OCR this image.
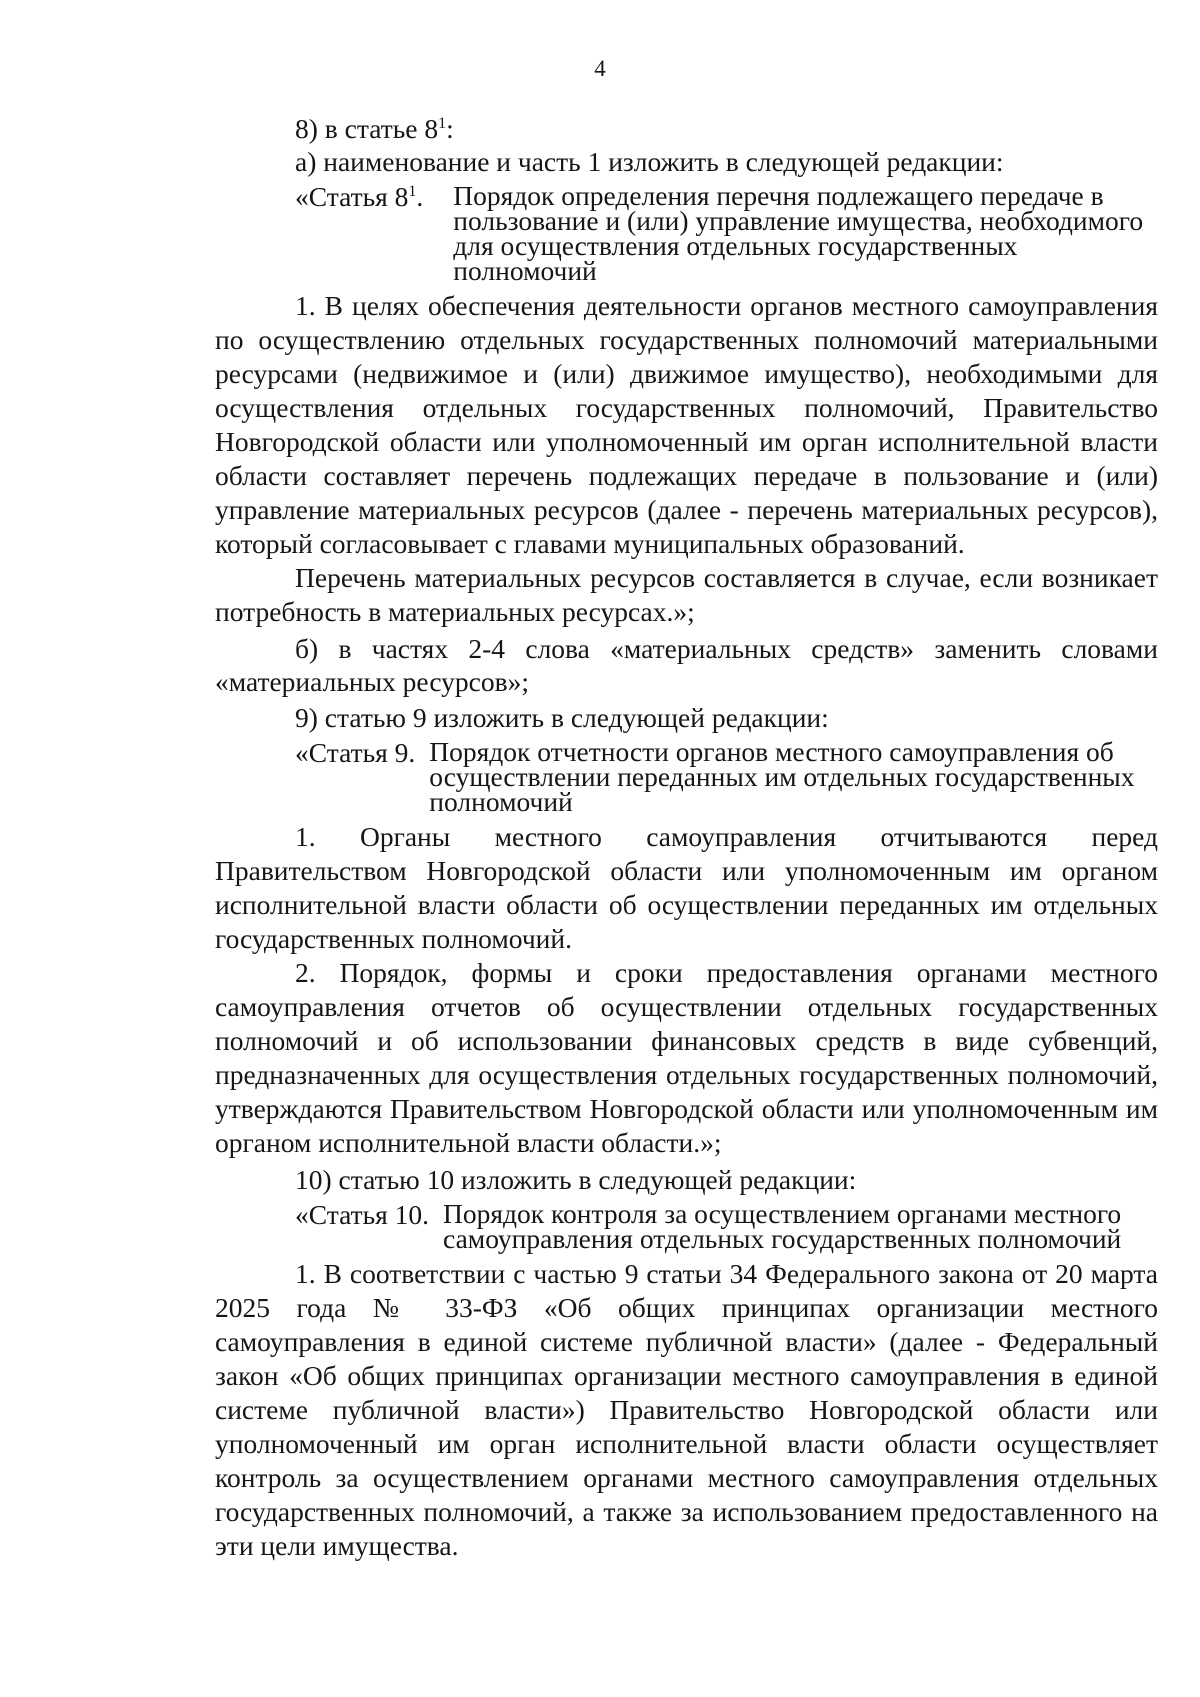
4

8) в статье $8^1$:

а) наименование и часть 1 изложить в следующей редакции:

«Статья $8^1$.	Порядок определения перечня подлежащего передаче в пользование и (или) управление имущества, необходимого для осуществления отдельных государственных полномочий

1. В целях обеспечения деятельности органов местного самоуправления по осуществлению отдельных государственных полномочий материальными ресурсами (недвижимое и (или) движимое имущество), необходимыми для осуществления отдельных государственных полномочий, Правительство Новгородской области или уполномоченный им орган исполнительной власти области составляет перечень подлежащих передаче в пользование и (или) управление материальных ресурсов (далее - перечень материальных ресурсов), который согласовывает с главами муниципальных образований.

Перечень материальных ресурсов составляется в случае, если возникает потребность в материальных ресурсах.»;

б) в частях 2-4 слова «материальных средств» заменить словами «материальных ресурсов»;

9) статью 9 изложить в следующей редакции:

«Статья 9. Порядок отчетности органов местного самоуправления об осуществлении переданных им отдельных государственных полномочий

1. Органы местного самоуправления отчитываются перед Правительством Новгородской области или уполномоченным им органом исполнительной власти области об осуществлении переданных им отдельных государственных полномочий.

2. Порядок, формы и сроки предоставления органами местного самоуправления отчетов об осуществлении отдельных государственных полномочий и об использовании финансовых средств в виде субвенций, предназначенных для осуществления отдельных государственных полномочий, утверждаются Правительством Новгородской области или уполномоченным им органом исполнительной власти области.»;

10) статью 10 изложить в следующей редакции:

«Статья 10. Порядок контроля за осуществлением органами местного самоуправления отдельных государственных полномочий

1. В соответствии с частью 9 статьи 34 Федерального закона от 20 марта 2025 года № 33-ФЗ «Об общих принципах организации местного самоуправления в единой системе публичной власти» (далее - Федеральный закон «Об общих принципах организации местного самоуправления в единой системе публичной власти») Правительство Новгородской области или уполномоченный им орган исполнительной власти области осуществляет контроль за осуществлением органами местного самоуправления отдельных государственных полномочий, а также за использованием предоставленного на эти цели имущества.
